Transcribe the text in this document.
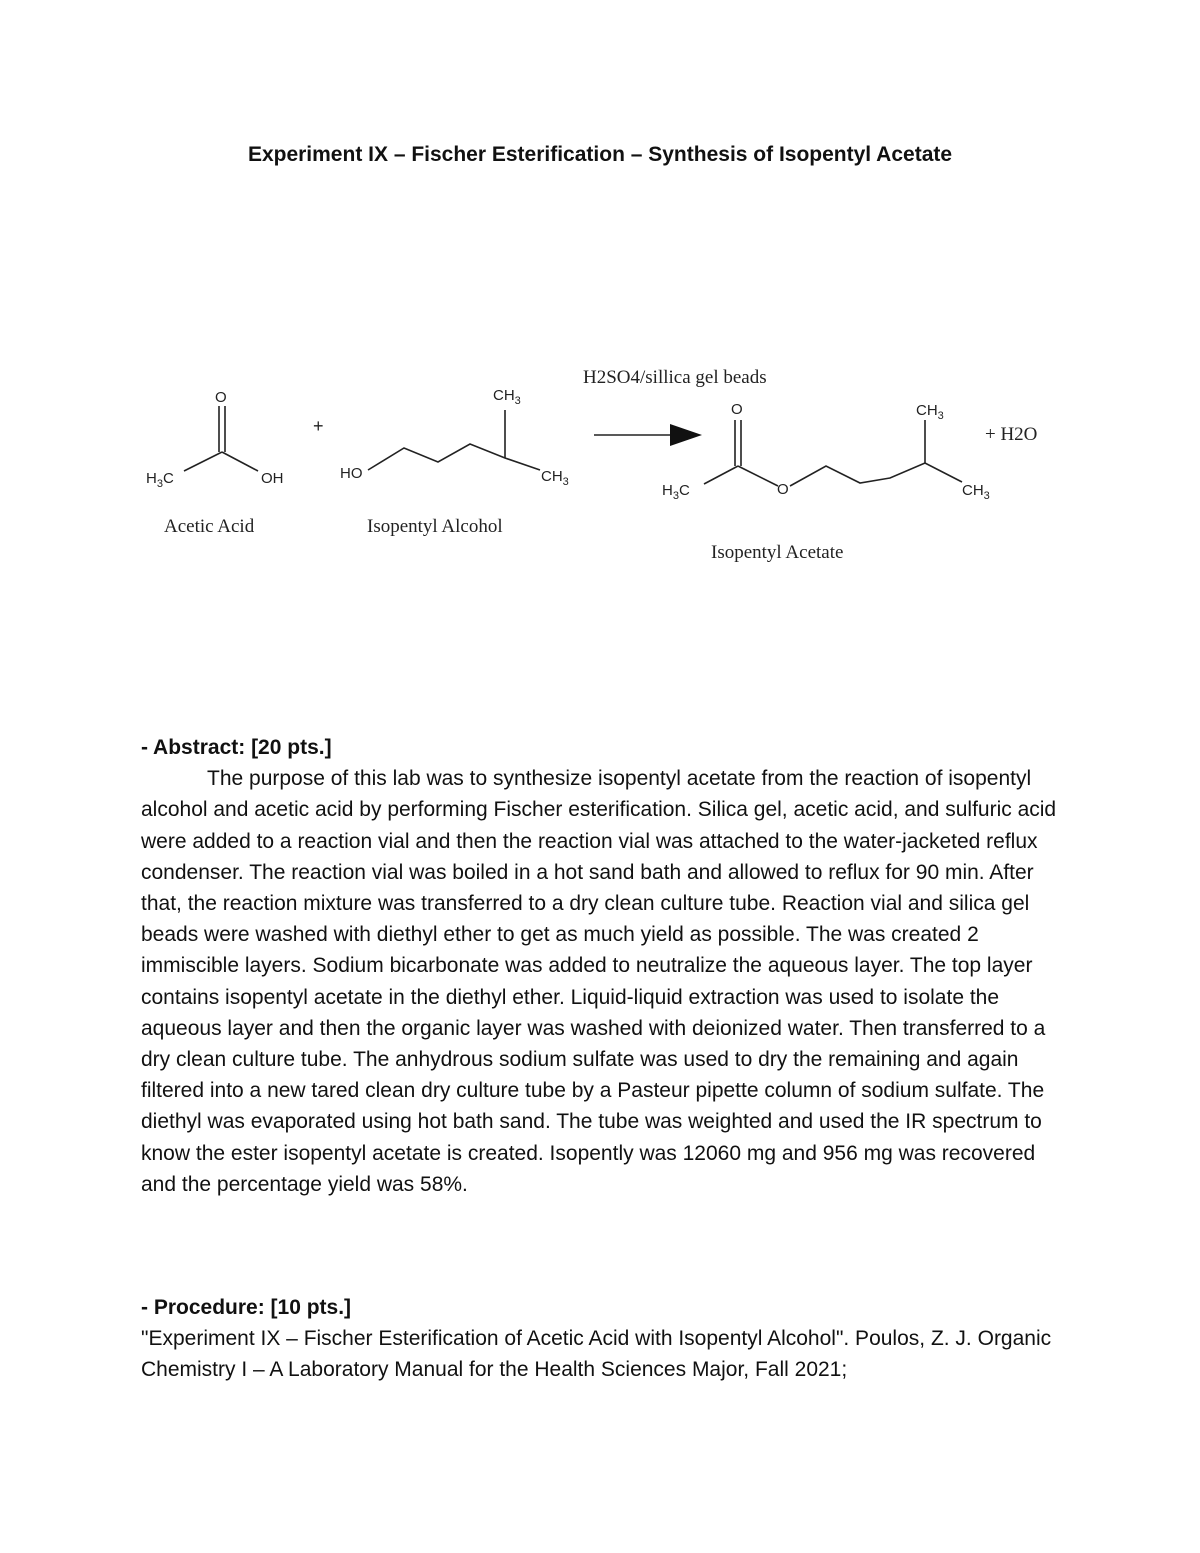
Experiment IX – Fischer Esterification – Synthesis of Isopentyl Acetate
H2SO4/sillica gel beads
O
$H_3C$	OH
Acetic Acid
+
HO
$CH_3$
$CH_3$
Isopentyl Alcohol
O
$H_3C$	O
$CH_3$
$CH_3$
Isopentyl Acetate
+ H2O
- Abstract: [20 pts.]

The purpose of this lab was to synthesize isopentyl acetate from the reaction of isopentyl alcohol and acetic acid by performing Fischer esterification. Silica gel, acetic acid, and sulfuric acid were added to a reaction vial and then the reaction vial was attached to the water-jacketed reflux condenser. The reaction vial was boiled in a hot sand bath and allowed to reflux for 90 min. After that, the reaction mixture was transferred to a dry clean culture tube. Reaction vial and silica gel beads were washed with diethyl ether to get as much yield as possible. The was created 2 immiscible layers. Sodium bicarbonate was added to neutralize the aqueous layer. The top layer contains isopentyl acetate in the diethyl ether. Liquid-liquid extraction was used to isolate the aqueous layer and then the organic layer was washed with deionized water. Then transferred to a dry clean culture tube. The anhydrous sodium sulfate was used to dry the remaining and again filtered into a new tared clean dry culture tube by a Pasteur pipette column of sodium sulfate. The diethyl was evaporated using hot bath sand. The tube was weighted and used the IR spectrum to know the ester isopentyl acetate is created. Isopently was 12060 mg and 956 mg was recovered and the percentage yield was 58%.

- Procedure: [10 pts.]

"Experiment IX – Fischer Esterification of Acetic Acid with Isopentyl Alcohol". Poulos, Z. J. Organic Chemistry I – A Laboratory Manual for the Health Sciences Major, Fall 2021;
